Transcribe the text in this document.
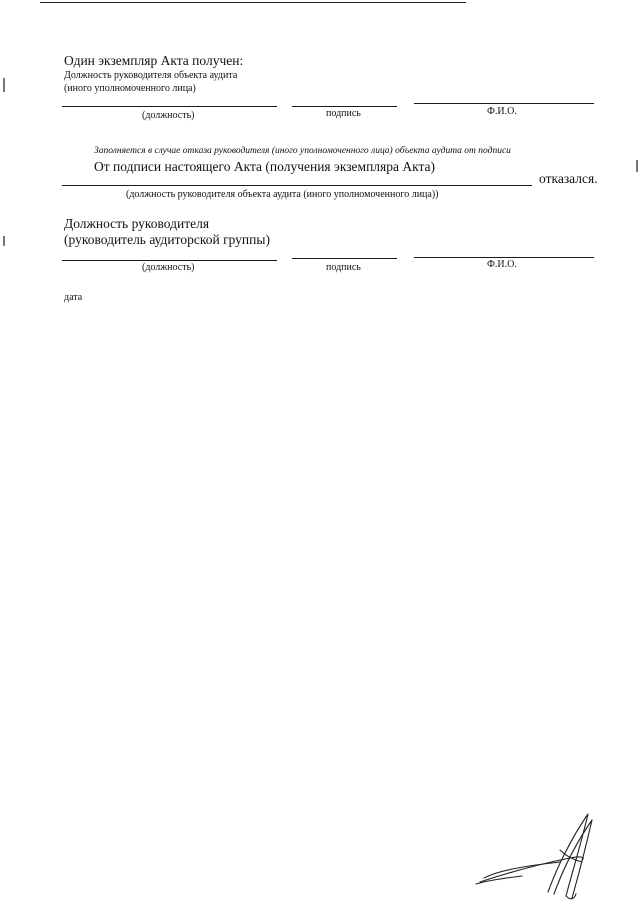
Один экземпляр Акта получен:
Должность руководителя объекта аудита
(иного уполномоченного лица)
(должность)	подпись	Ф.И.О.
Заполняется в случае отказа руководителя (иного уполномоченного лица) объекта аудита от подписи
От подписи настоящего Акта (получения экземпляра Акта)
отказался.
(должность руководителя объекта аудита (иного уполномоченного лица))
Должность руководителя
(руководитель аудиторской группы)
(должность)	подпись	Ф.И.О.
дата
